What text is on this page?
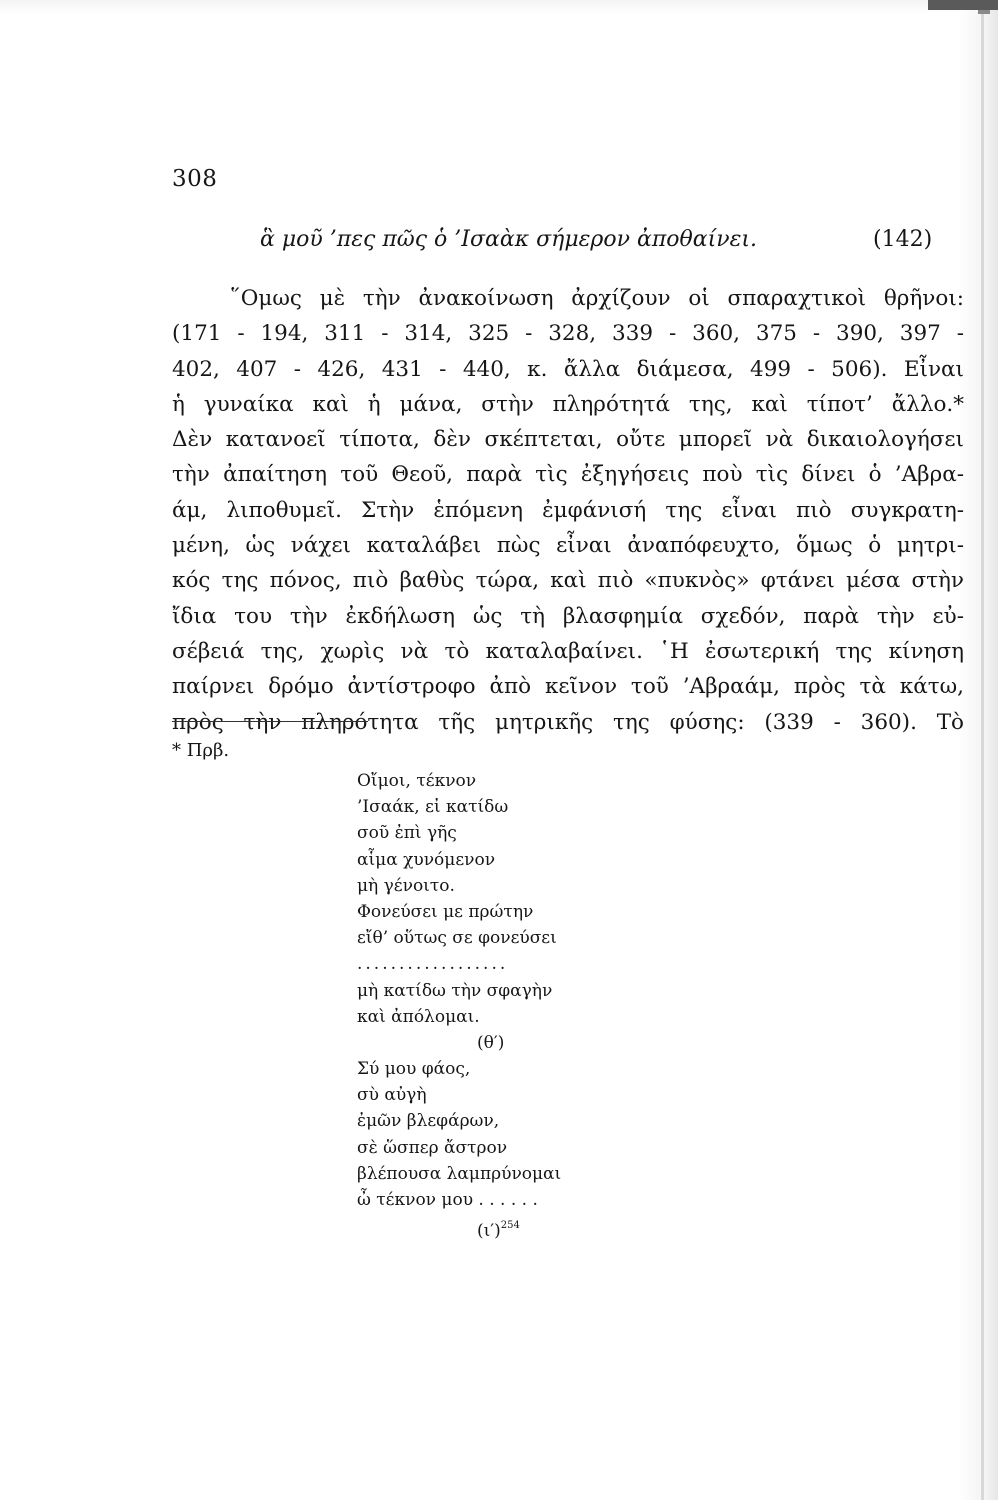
308
ἃ μοῦ ’πες πῶς ὁ ’Ισαὰκ σήμερον ἀποθαίνει.	(142)
῞Ομως μὲ τὴν ἀνακοίνωση ἀρχίζουν οἱ σπαραχτικοὶ θρῆνοι:
(171 - 194, 311 - 314, 325 - 328, 339 - 360, 375 - 390, 397 -
402, 407 - 426, 431 - 440, κ. ἄλλα διάμεσα, 499 - 506). Εἶναι
ἡ γυναίκα καὶ ἡ μάνα, στὴν πληρότητά της, καὶ τίποτ’ ἄλλο.*
Δὲν κατανοεῖ τίποτα, δὲν σκέπτεται, οὔτε μπορεῖ νὰ δικαιολογήσει
τὴν ἀπαίτηση τοῦ Θεοῦ, παρὰ τὶς ἐξηγήσεις ποὺ τὶς δίνει ὁ ’Αβρα-
άμ, λιποθυμεῖ. Στὴν ἑπόμενη ἐμφάνισή της εἶναι πιὸ συγκρατη-
μένη, ὡς νάχει καταλάβει πὼς εἶναι ἀναπόφευχτο, ὅμως ὁ μητρι-
κός της πόνος, πιὸ βαθὺς τώρα, καὶ πιὸ «πυκνὸς» φτάνει μέσα στὴν
ἴδια του τὴν ἐκδήλωση ὡς τὴ βλασφημία σχεδόν, παρὰ τὴν εὐ-
σέβειά της, χωρὶς νὰ τὸ καταλαβαίνει. ῾Η ἐσωτερική της κίνηση
παίρνει δρόμο ἀντίστροφο ἀπὸ κεῖνον τοῦ ’Αβραάμ, πρὸς τὰ κάτω,
πρὸς τὴν πληρότητα τῆς μητρικῆς της φύσης: (339 - 360). Τὸ
* Πρβ.
Οἴμοι, τέκνον
’Ισαάκ, εἰ κατίδω
σοῦ ἐπὶ γῆς
αἷμα χυνόμενον
μὴ γένοιτο.
Φονεύσει με πρώτην
εἴθ’ οὕτως σε φονεύσει
..................
μὴ κατίδω τὴν σφαγὴν
καὶ ἀπόλομαι.
(θ′)
Σύ μου φάος,
σὺ αὐγὴ
ἐμῶν βλεφάρων,
σὲ ὥσπερ ἄστρον
βλέπουσα λαμπρύνομαι
ὦ τέκνον μου . . . . . .
$(\iota')^{254}$
